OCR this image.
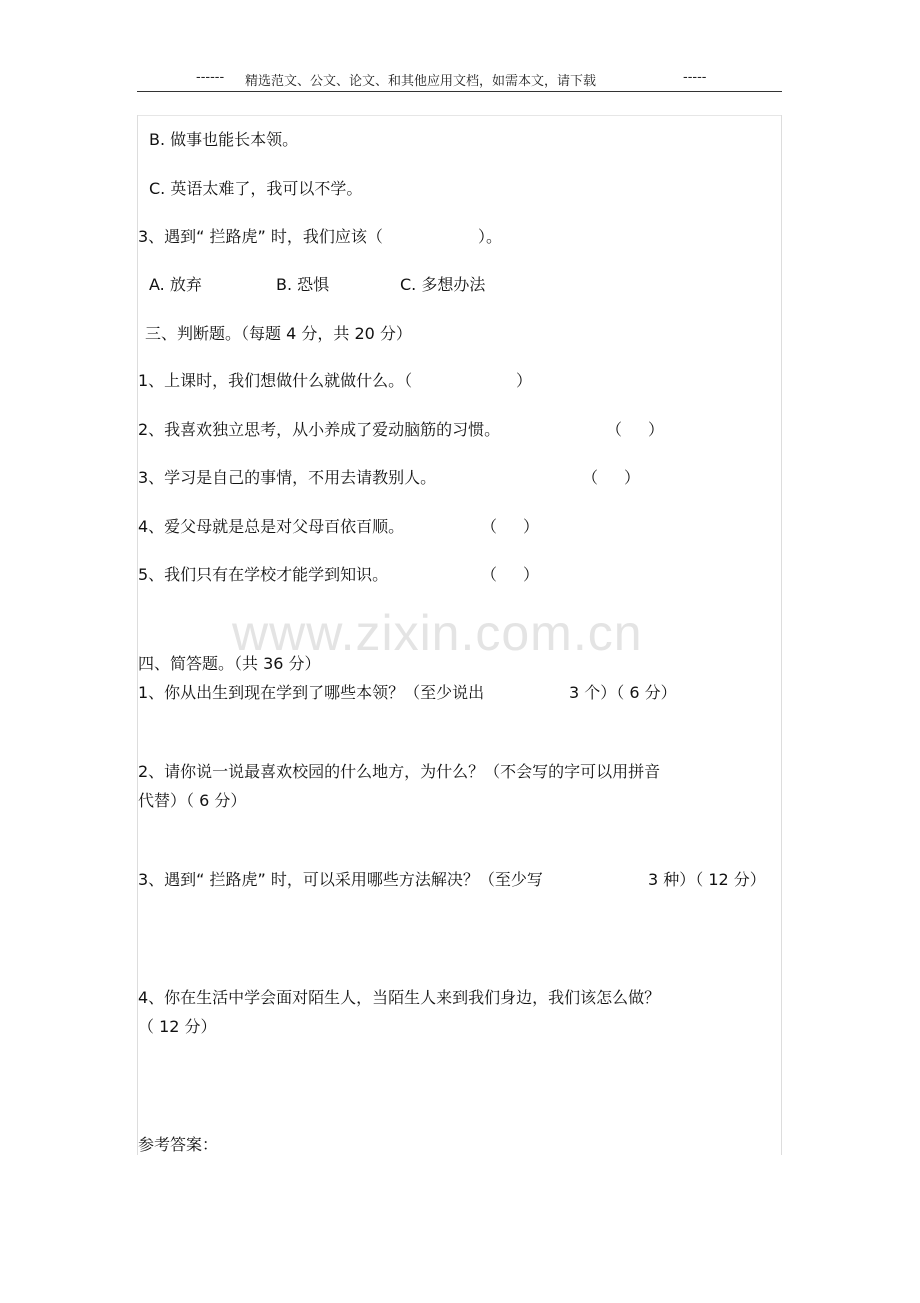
------ 精选范文、公文、论文、和其他应用文档，如需本文，请下载	-----
www.zixin.com.cn
B. 做事也能长本领。
C. 英语太难了，我可以不学。
3、遇到“ 拦路虎” 时，我们应该（	）。
A. 放弃	B. 恐惧	C. 多想办法
三、判断题。（每题 4 分，共 20 分）
1、上课时，我们想做什么就做什么。（	）
2、我喜欢独立思考，从小养成了爱动脑筋的习惯。	（ ）
3、学习是自己的事情，不用去请教别人。	（ ）
4、爱父母就是总是对父母百依百顺。	（ ）
5、我们只有在学校才能学到知识。	（ ）
四、简答题。（共 36 分）
1、你从出生到现在学到了哪些本领？（至少说出	3 个）（ 6 分）
2、请你说一说最喜欢校园的什么地方，为什么？（不会写的字可以用拼音
代替）（ 6 分）
3、遇到“ 拦路虎” 时，可以采用哪些方法解决？（至少写	3 种）（ 12 分）
4、你在生活中学会面对陌生人，当陌生人来到我们身边，我们该怎么做？
（ 12 分）
参考答案：
